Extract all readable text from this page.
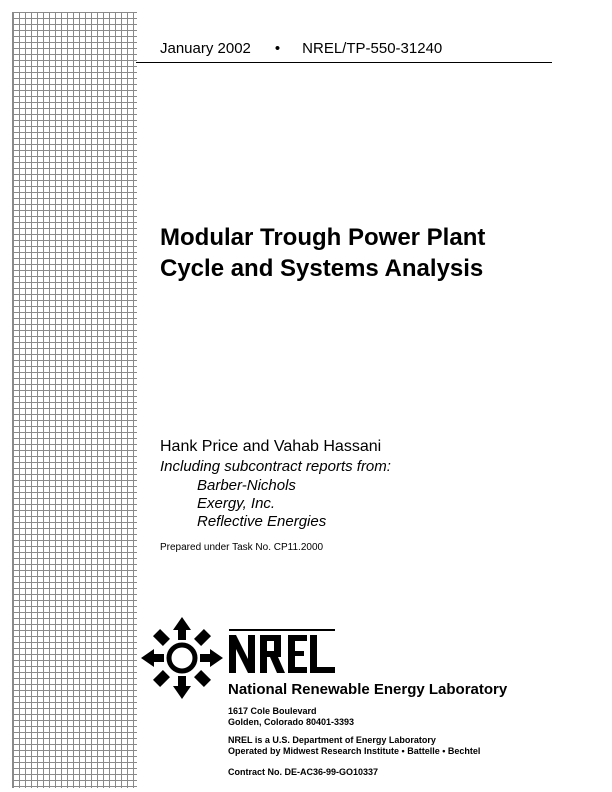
January 2002 • NREL/TP-550-31240
Modular Trough Power Plant
Cycle and Systems Analysis
Hank Price and Vahab Hassani
Including subcontract reports from:
Barber-Nichols
Exergy, Inc.
Reflective Energies
Prepared under Task No. CP11.2000
National Renewable Energy Laboratory
1617 Cole Boulevard
Golden, Colorado 80401-3393
NREL is a U.S. Department of Energy Laboratory
Operated by Midwest Research Institute • Battelle • Bechtel
Contract No. DE-AC36-99-GO10337
